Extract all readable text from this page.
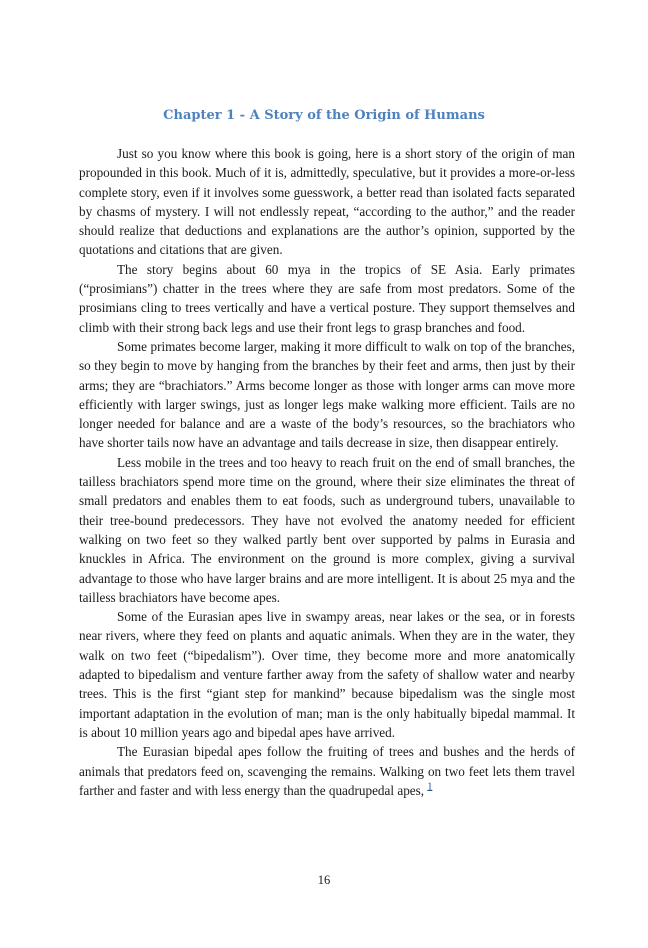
Chapter 1 - A Story of the Origin of Humans

Just so you know where this book is going, here is a short story of the origin of man propounded in this book. Much of it is, admittedly, speculative, but it provides a more-or-less complete story, even if it involves some guesswork, a better read than isolated facts separated by chasms of mystery. I will not endlessly repeat, “according to the author,” and the reader should realize that deductions and explanations are the author’s opinion, supported by the quotations and citations that are given.

The story begins about 60 mya in the tropics of SE Asia. Early primates (“prosimians”) chatter in the trees where they are safe from most predators. Some of the prosimians cling to trees vertically and have a vertical posture. They support themselves and climb with their strong back legs and use their front legs to grasp branches and food.

Some primates become larger, making it more difficult to walk on top of the branches, so they begin to move by hanging from the branches by their feet and arms, then just by their arms; they are “brachiators.” Arms become longer as those with longer arms can move more efficiently with larger swings, just as longer legs make walking more efficient. Tails are no longer needed for balance and are a waste of the body’s resources, so the brachiators who have shorter tails now have an advantage and tails decrease in size, then disappear entirely.

Less mobile in the trees and too heavy to reach fruit on the end of small branches, the tailless brachiators spend more time on the ground, where their size eliminates the threat of small predators and enables them to eat foods, such as underground tubers, unavailable to their tree-bound predecessors. They have not evolved the anatomy needed for efficient walking on two feet so they walked partly bent over supported by palms in Eurasia and knuckles in Africa. The environment on the ground is more complex, giving a survival advantage to those who have larger brains and are more intelligent. It is about 25 mya and the tailless brachiators have become apes.

Some of the Eurasian apes live in swampy areas, near lakes or the sea, or in forests near rivers, where they feed on plants and aquatic animals. When they are in the water, they walk on two feet (“bipedalism”). Over time, they become more and more anatomically adapted to bipedalism and venture farther away from the safety of shallow water and nearby trees. This is the first “giant step for mankind” because bipedalism was the single most important adaptation in the evolution of man; man is the only habitually bipedal mammal. It is about 10 million years ago and bipedal apes have arrived.

The Eurasian bipedal apes follow the fruiting of trees and bushes and the herds of animals that predators feed on, scavenging the remains. Walking on two feet lets them travel farther and faster and with less energy than the quadrupedal apes, $^1$

16
